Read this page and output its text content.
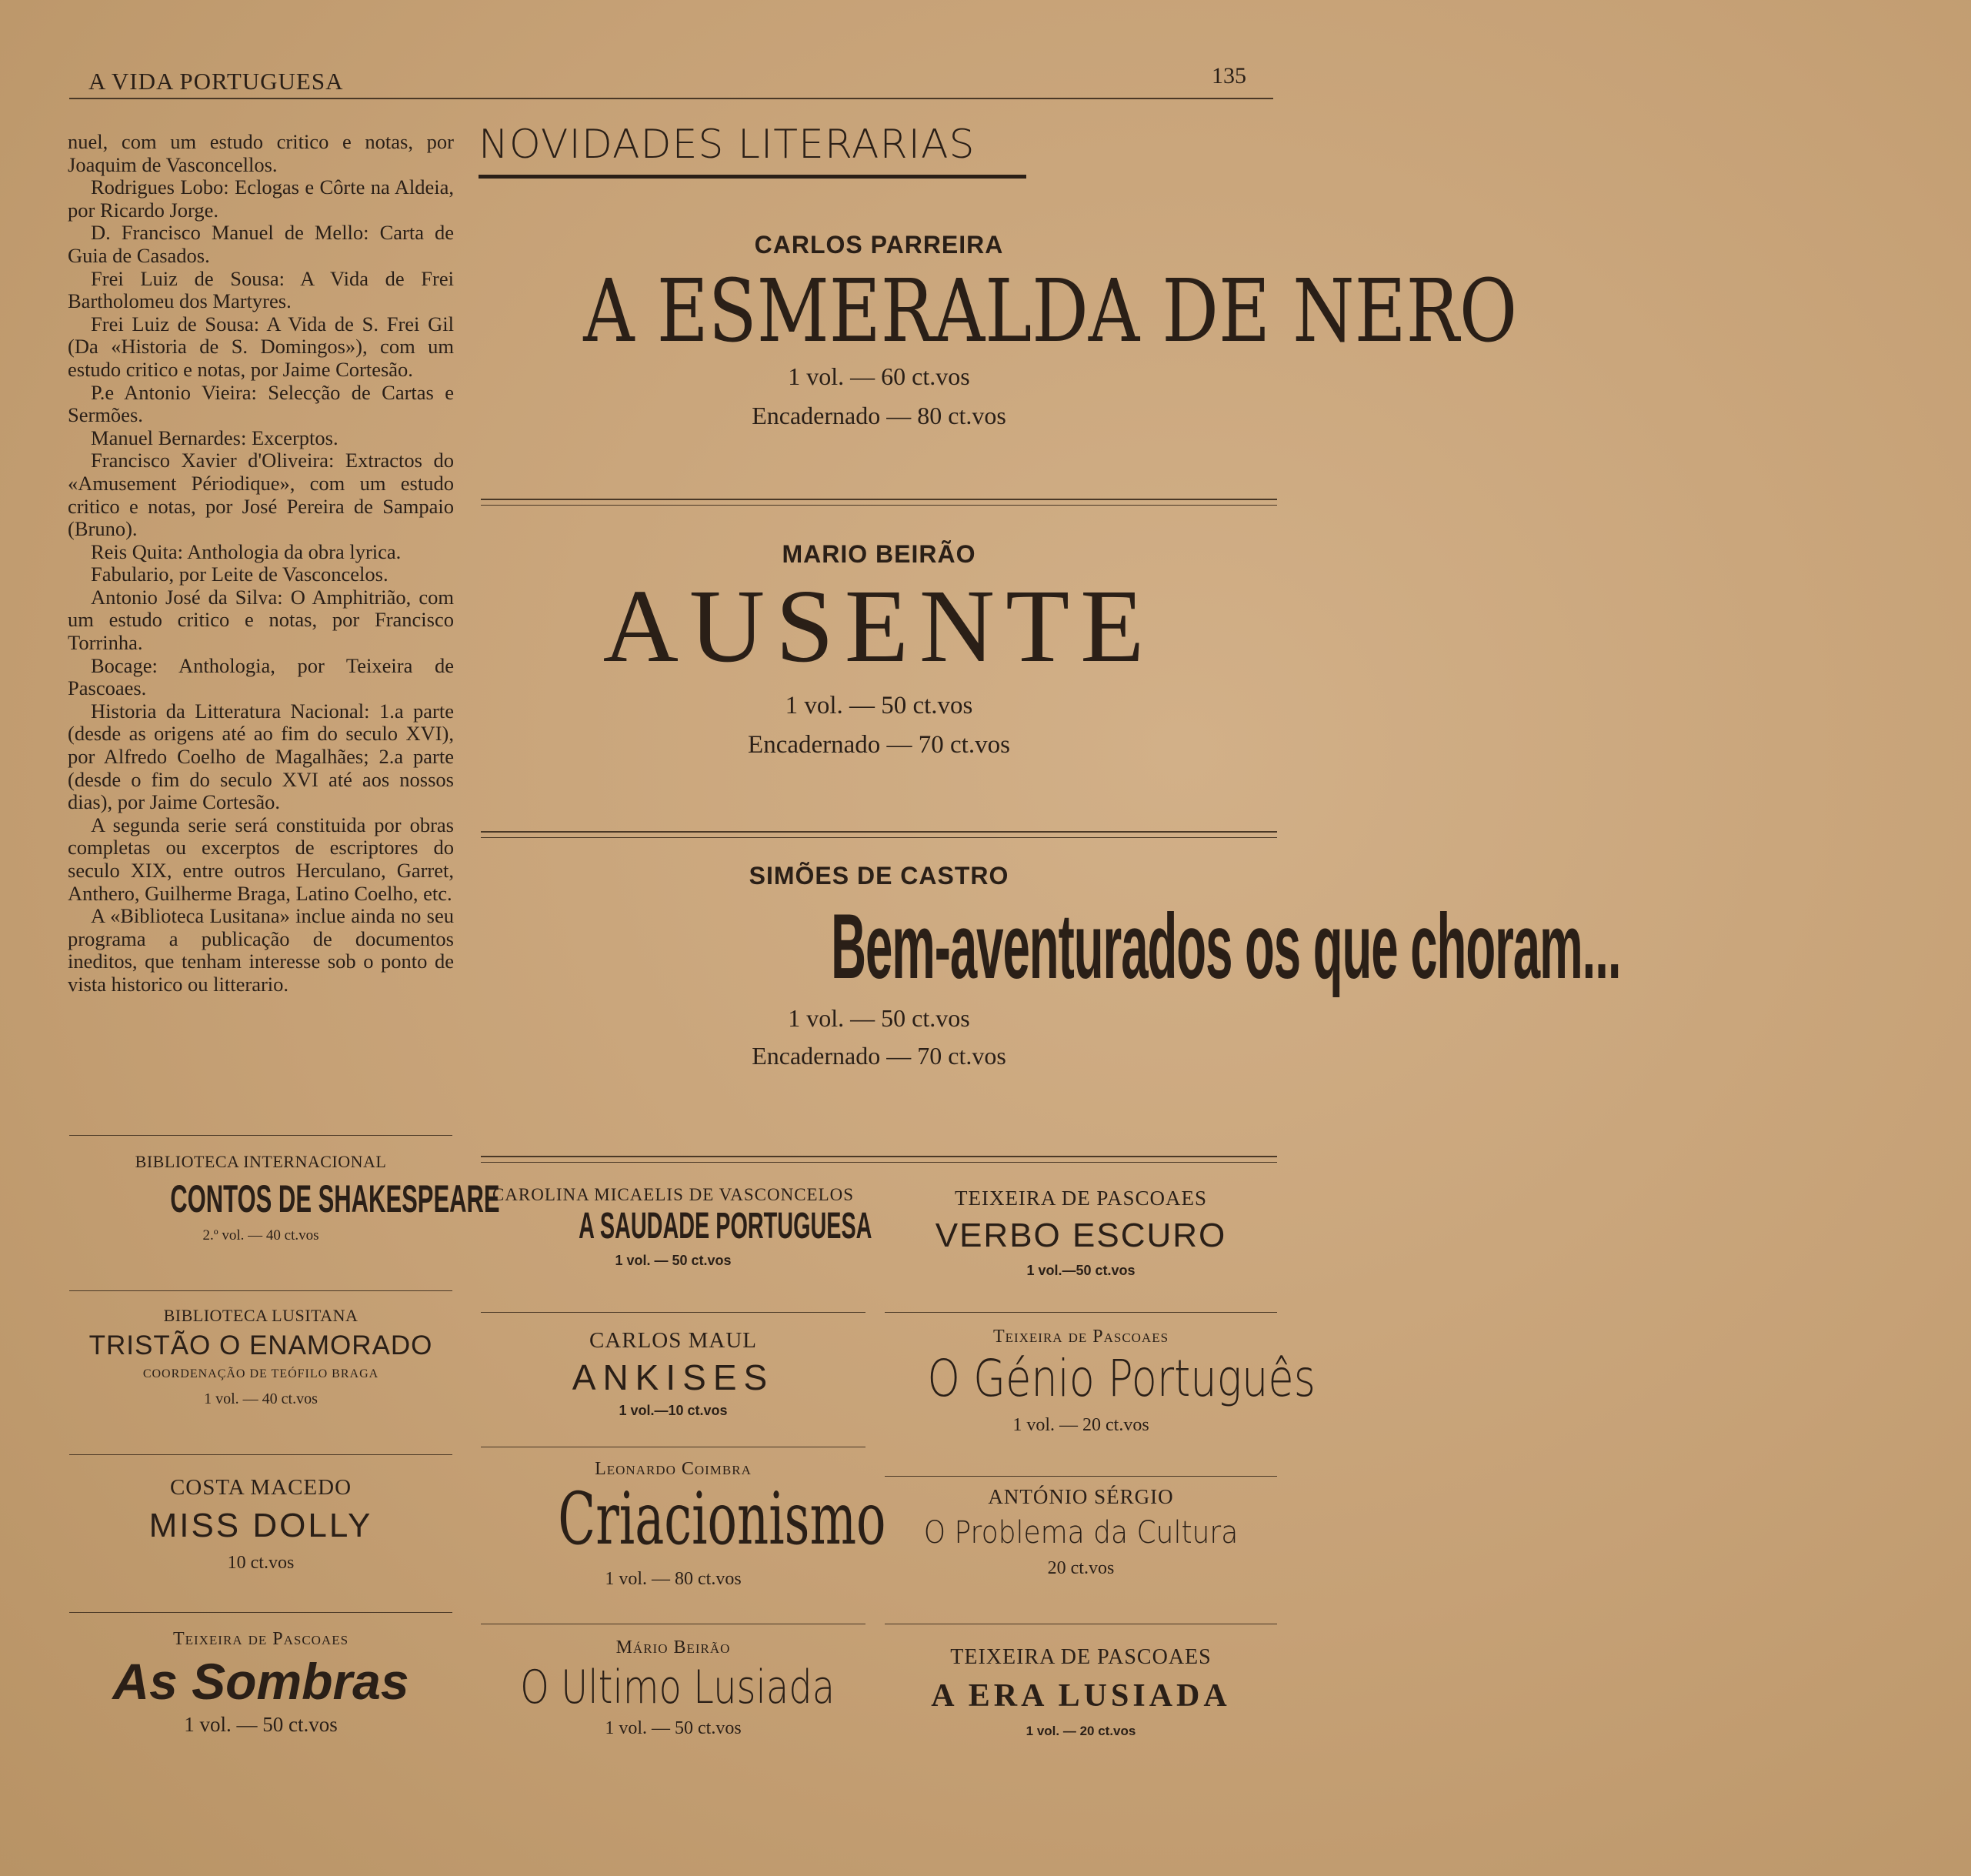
A VIDA PORTUGUESA	135

nuel, com um estudo critico e notas, por Joaquim de Vasconcellos.

Rodrigues Lobo: Eclogas e Côrte na Aldeia, por Ricardo Jorge.

D. Francisco Manuel de Mello: Carta de Guia de Casados.

Frei Luiz de Sousa: A Vida de Frei Bartholomeu dos Martyres.

Frei Luiz de Sousa: A Vida de S. Frei Gil (Da «Historia de S. Domingos»), com um estudo critico e notas, por Jaime Cortesão.

P.e Antonio Vieira: Selecção de Cartas e Sermões.

Manuel Bernardes: Excerptos.

Francisco Xavier d'Oliveira: Extractos do «Amusement Périodique», com um estudo critico e notas, por José Pereira de Sampaio (Bruno).

Reis Quita: Anthologia da obra lyrica.

Fabulario, por Leite de Vasconcelos.

Antonio José da Silva: O Amphitrião, com um estudo critico e notas, por Francisco Torrinha.

Bocage: Anthologia, por Teixeira de Pascoaes.

Historia da Litteratura Nacional: 1.a parte (desde as origens até ao fim do seculo XVI), por Alfredo Coelho de Magalhães; 2.a parte (desde o fim do seculo XVI até aos nossos dias), por Jaime Cortesão.

A segunda serie será constituida por obras completas ou excerptos de escriptores do seculo XIX, entre outros Herculano, Garret, Anthero, Guilherme Braga, Latino Coelho, etc.

A «Biblioteca Lusitana» inclue ainda no seu programa a publicação de documentos ineditos, que tenham interesse sob o ponto de vista historico ou litterario.

BIBLIOTECA INTERNACIONAL
CONTOS DE SHAKESPEARE
2.º vol. — 40 ct.vos
BIBLIOTECA LUSITANA
TRISTÃO O ENAMORADO
COORDENAÇÃO DE TEÓFILO BRAGA
1 vol. — 40 ct.vos
COSTA MACEDO
MISS DOLLY
10 ct.vos
Teixeira de Pascoaes
As Sombras
1 vol. — 50 ct.vos
NOVIDADES LITERARIAS
CARLOS PARREIRA
A ESMERALDA DE NERO
1 vol. — 60 ct.vos
Encadernado — 80 ct.vos
MARIO BEIRÃO
AUSENTE
1 vol. — 50 ct.vos
Encadernado — 70 ct.vos
SIMÕES DE CASTRO
Bem-aventurados os que choram...
1 vol. — 50 ct.vos
Encadernado — 70 ct.vos
CAROLINA MICAELIS DE VASCONCELOS
A SAUDADE PORTUGUESA
1 vol. — 50 ct.vos
TEIXEIRA DE PASCOAES
VERBO ESCURO
1 vol.—50 ct.vos
CARLOS MAUL
ANKISES
1 vol.—10 ct.vos
Teixeira de Pascoaes
O Génio Português
1 vol. — 20 ct.vos
Leonardo Coimbra
Criacionismo
1 vol. — 80 ct.vos
ANTÓNIO SÉRGIO
O Problema da Cultura
20 ct.vos
Mário Beirão
O Ultimo Lusiada
1 vol. — 50 ct.vos
TEIXEIRA DE PASCOAES
A ERA LUSIADA
1 vol. — 20 ct.vos
